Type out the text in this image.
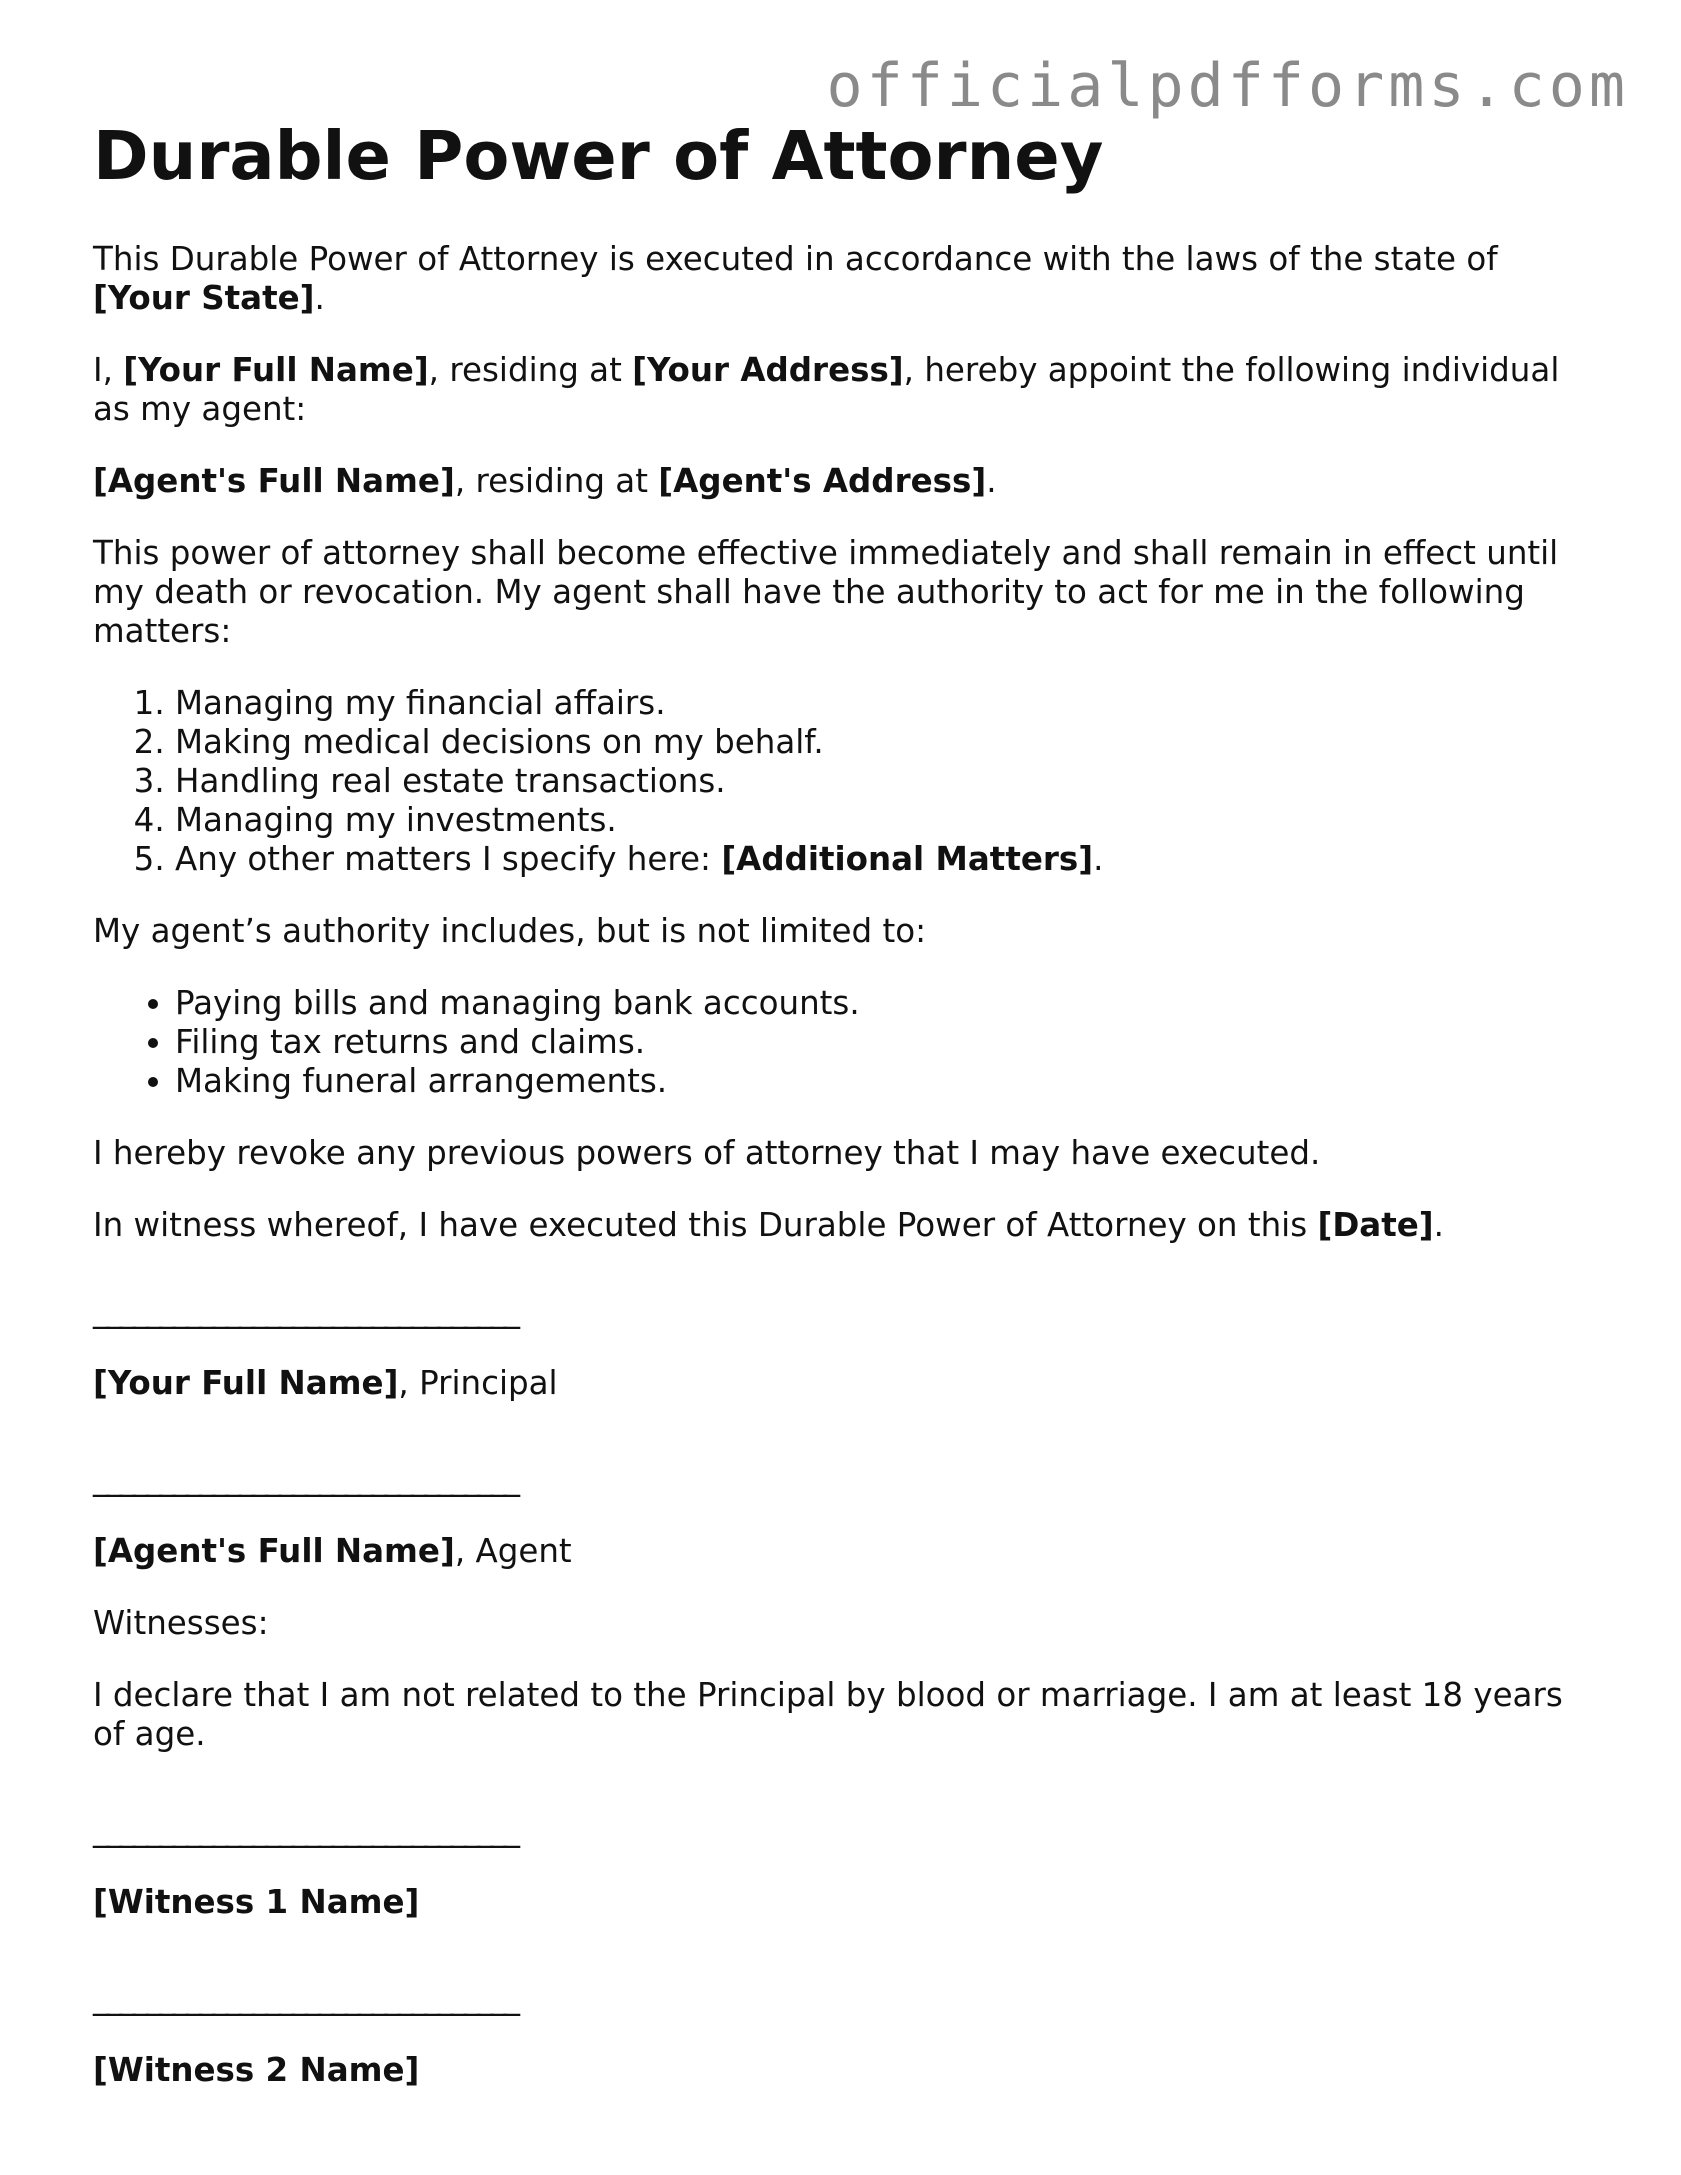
officialpdfforms.com
Durable Power of Attorney

This Durable Power of Attorney is executed in accordance with the laws of the state of [Your State].

I, [Your Full Name], residing at [Your Address], hereby appoint the following individual as my agent:

[Agent's Full Name], residing at [Agent's Address].

This power of attorney shall become effective immediately and shall remain in effect until my death or revocation. My agent shall have the authority to act for me in the following matters:

1. Managing my financial affairs.
2. Making medical decisions on my behalf.
3. Handling real estate transactions.
4. Managing my investments.
5. Any other matters I specify here: [Additional Matters].

My agent’s authority includes, but is not limited to:

• Paying bills and managing bank accounts.
• Filing tax returns and claims.
• Making funeral arrangements.

I hereby revoke any previous powers of attorney that I may have executed.

In witness whereof, I have executed this Durable Power of Attorney on this [Date].

________________________________

[Your Full Name], Principal

________________________________

[Agent's Full Name], Agent

Witnesses:

I declare that I am not related to the Principal by blood or marriage. I am at least 18 years of age.

________________________________

[Witness 1 Name]

________________________________

[Witness 2 Name]
